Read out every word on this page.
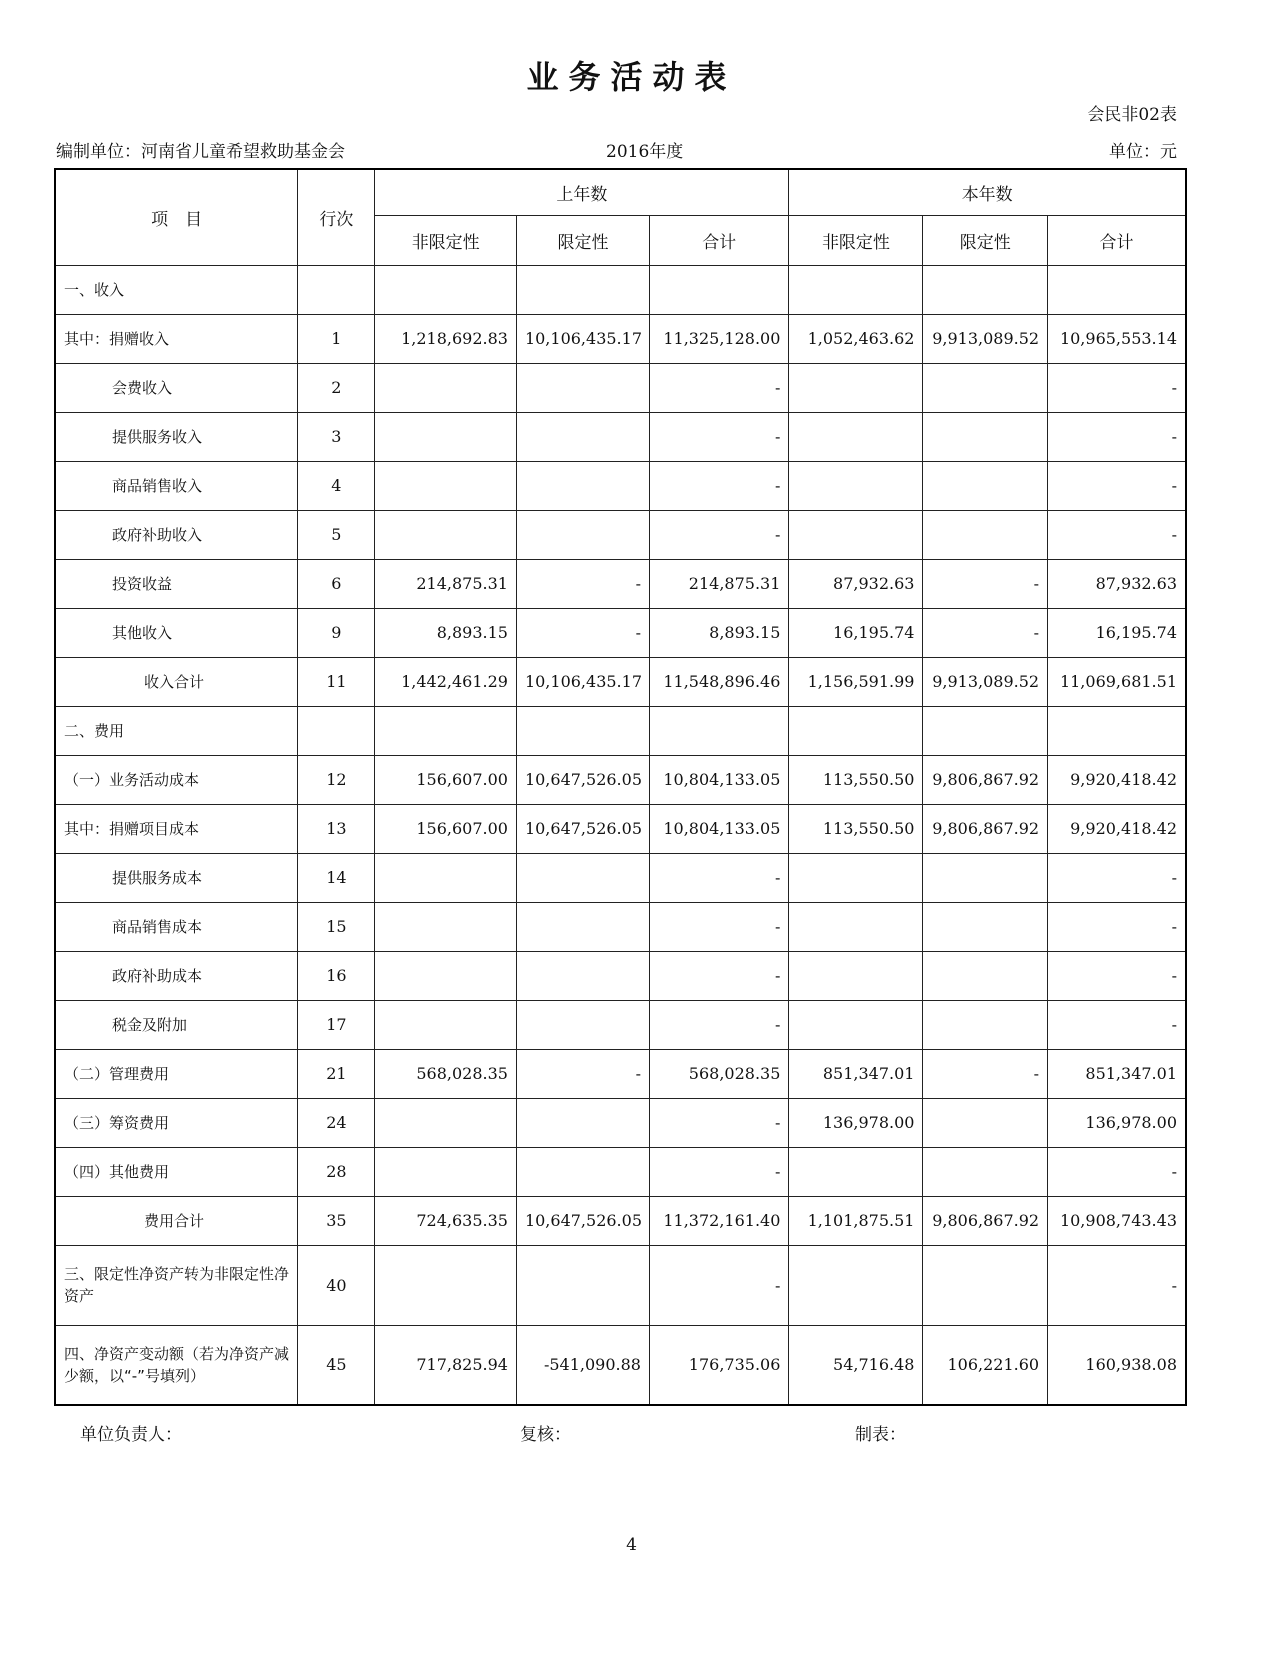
业务活动表
会民非02表
编制单位：河南省儿童希望救助基金会	2016年度	单位：元
项　目	行次	上年数			本年数		
		非限定性	限定性	合计	非限定性	限定性	合计
一、收入							
其中：捐赠收入	1	1,218,692.83	10,106,435.17	11,325,128.00	1,052,463.62	9,913,089.52	10,965,553.14
会费收入	2			-			-
提供服务收入	3			-			-
商品销售收入	4			-			-
政府补助收入	5			-			-
投资收益	6	214,875.31	-	214,875.31	87,932.63	-	87,932.63
其他收入	9	8,893.15	-	8,893.15	16,195.74	-	16,195.74
收入合计	11	1,442,461.29	10,106,435.17	11,548,896.46	1,156,591.99	9,913,089.52	11,069,681.51
二、费用							
（一）业务活动成本	12	156,607.00	10,647,526.05	10,804,133.05	113,550.50	9,806,867.92	9,920,418.42
其中：捐赠项目成本	13	156,607.00	10,647,526.05	10,804,133.05	113,550.50	9,806,867.92	9,920,418.42
提供服务成本	14			-			-
商品销售成本	15			-			-
政府补助成本	16			-			-
税金及附加	17			-			-
（二）管理费用	21	568,028.35	-	568,028.35	851,347.01	-	851,347.01
（三）筹资费用	24			-	136,978.00		136,978.00
（四）其他费用	28			-			-
费用合计	35	724,635.35	10,647,526.05	11,372,161.40	1,101,875.51	9,806,867.92	10,908,743.43
三、限定性净资产转为非限定性净资产	40			-			-
四、净资产变动额（若为净资产减少额，以“-”号填列）	45	717,825.94	-541,090.88	176,735.06	54,716.48	106,221.60	160,938.08
单位负责人：	复核：	制表：
4
